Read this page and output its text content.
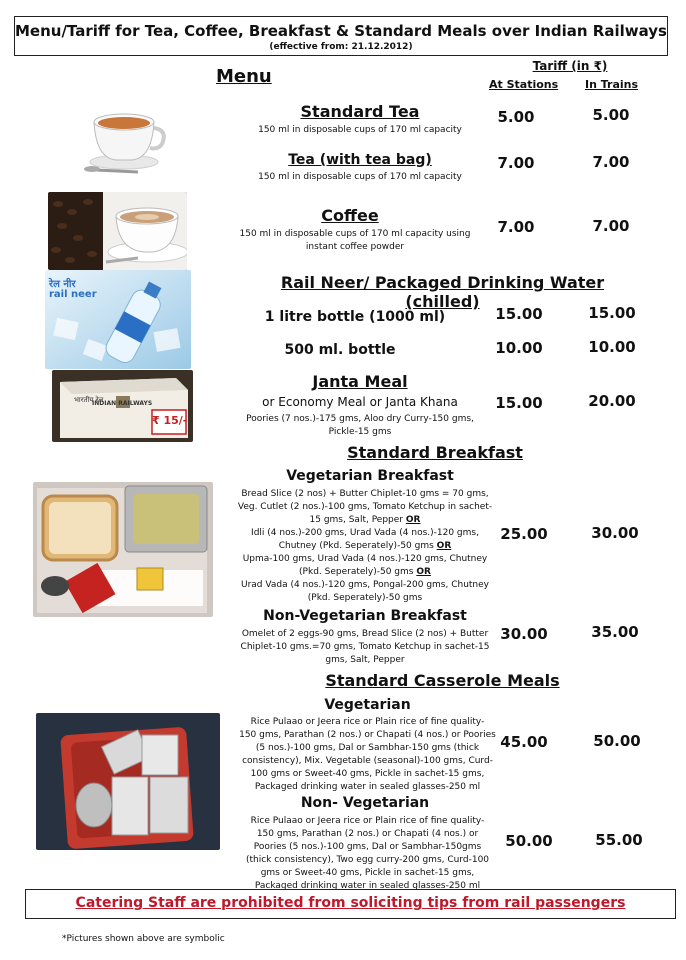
Menu/Tariff for Tea, Coffee, Breakfast & Standard Meals over Indian Railways
(effective from: 21.12.2012)
Menu	Tariff (in ₹)
At Stations In Trains
Standard Tea
150 ml in disposable cups of 170 ml capacity
5.00	5.00
Tea (with tea bag)
150 ml in disposable cups of 170 ml capacity
7.00	7.00
Coffee
150 ml in disposable cups of 170 ml capacity using
instant coffee powder
7.00	7.00
रेल नीर
rail neer
Rail Neer/ Packaged Drinking Water (chilled)
1 litre bottle (1000 ml)	15.00	15.00
500 ml. bottle	10.00	10.00
भारतीय रेल
INDIAN RAILWAYS
₹ 15/-
Janta Meal
or Economy Meal or Janta Khana
Poories (7 nos.)-175 gms, Aloo dry Curry-150 gms,
Pickle-15 gms
15.00	20.00
Standard Breakfast
Vegetarian Breakfast
Bread Slice (2 nos) + Butter Chiplet-10 gms = 70 gms,
Veg. Cutlet (2 nos.)-100 gms, Tomato Ketchup in sachet-
15 gms, Salt, Pepper OR
Idli (4 nos.)-200 gms, Urad Vada (4 nos.)-120 gms,
Chutney (Pkd. Seperately)-50 gms OR
Upma-100 gms, Urad Vada (4 nos.)-120 gms, Chutney
(Pkd. Seperately)-50 gms OR
Urad Vada (4 nos.)-120 gms, Pongal-200 gms, Chutney
(Pkd. Seperately)-50 gms
25.00	30.00
Non-Vegetarian Breakfast
Omelet of 2 eggs-90 gms, Bread Slice (2 nos) + Butter
Chiplet-10 gms.=70 gms, Tomato Ketchup in sachet-15
gms, Salt, Pepper
30.00	35.00
Standard Casserole Meals
Vegetarian
Rice Pulaao or Jeera rice or Plain rice of fine quality-
150 gms, Parathan (2 nos.) or Chapati (4 nos.) or Poories
(5 nos.)-100 gms, Dal or Sambhar-150 gms (thick
consistency), Mix. Vegetable (seasonal)-100 gms, Curd-
100 gms or Sweet-40 gms, Pickle in sachet-15 gms,
Packaged drinking water in sealed glasses-250 ml
45.00	50.00
Non- Vegetarian
Rice Pulaao or Jeera rice or Plain rice of fine quality-
150 gms, Parathan (2 nos.) or Chapati (4 nos.) or
Poories (5 nos.)-100 gms, Dal or Sambhar-150gms
(thick consistency), Two egg curry-200 gms, Curd-100
gms or Sweet-40 gms, Pickle in sachet-15 gms,
Packaged drinking water in sealed glasses-250 ml
50.00	55.00
Catering Staff are prohibited from soliciting tips from rail passengers
*Pictures shown above are symbolic
